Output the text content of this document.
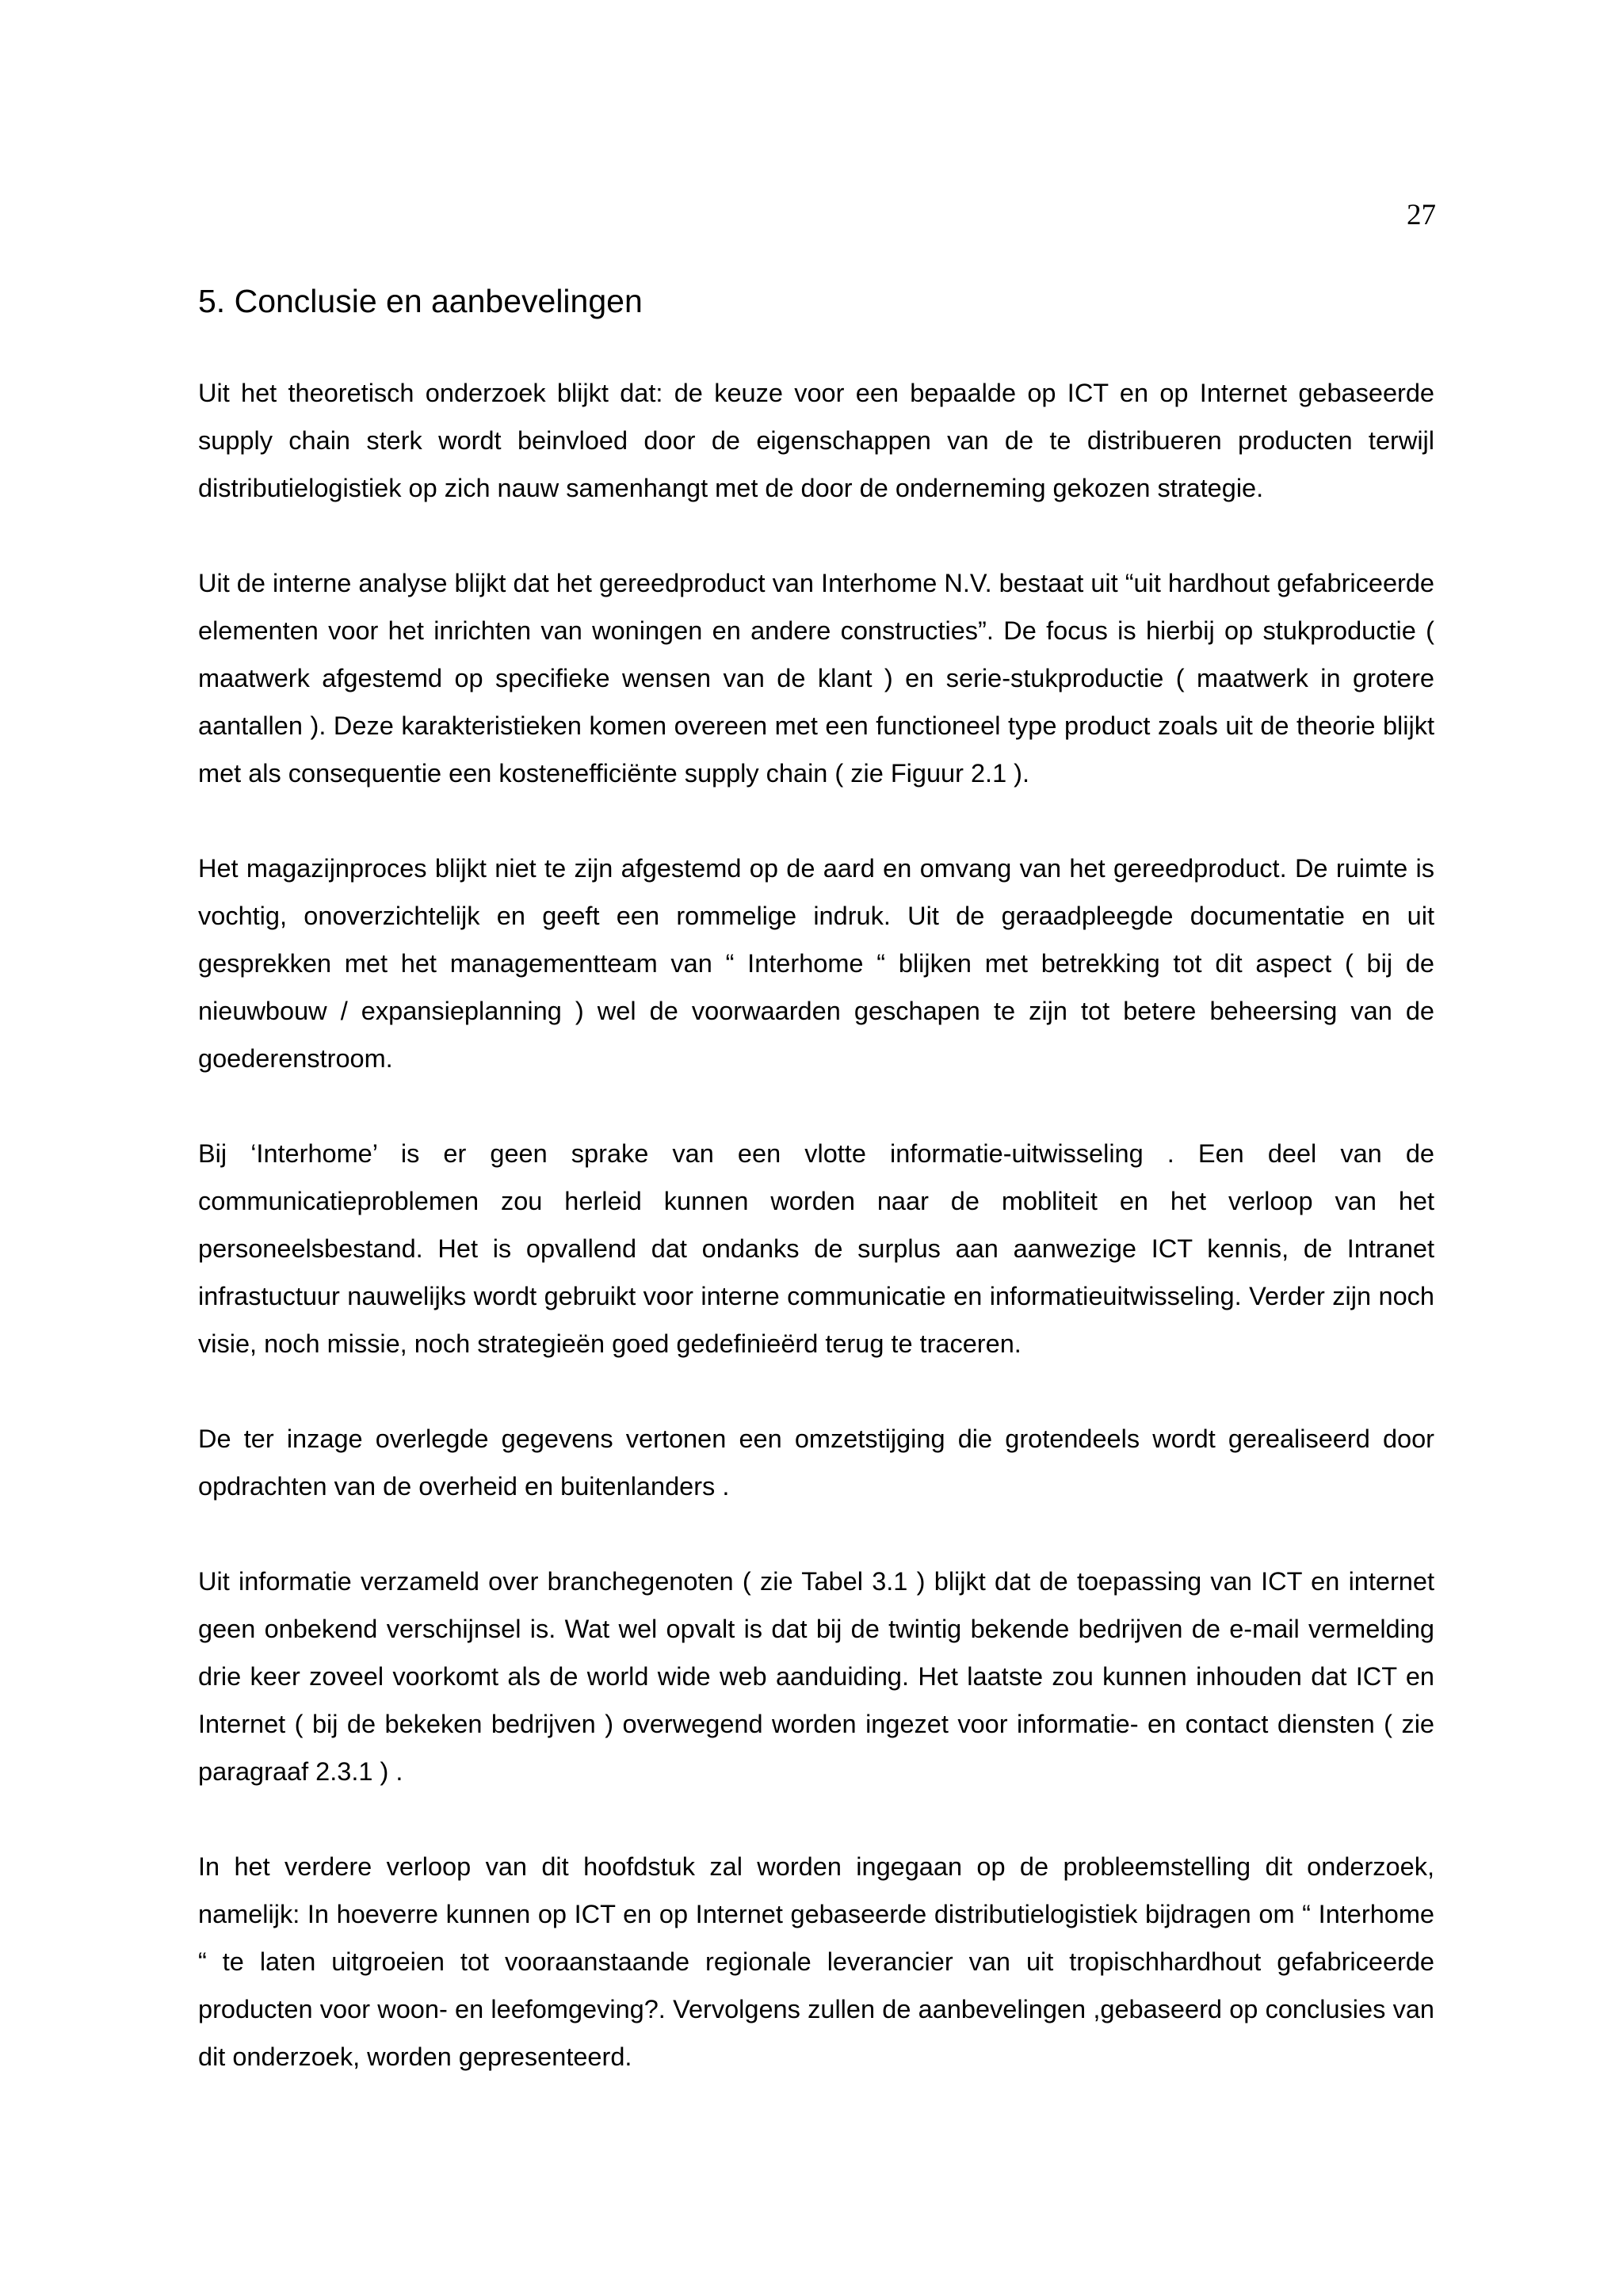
27
5. Conclusie en aanbevelingen

Uit het theoretisch onderzoek blijkt dat: de keuze voor een bepaalde op ICT en op Internet gebaseerde supply chain sterk wordt beinvloed door de eigenschappen van de te distribueren producten terwijl distributielogistiek op zich nauw samenhangt met de door de onderneming gekozen strategie.

Uit de interne analyse blijkt dat het gereedproduct van Interhome N.V. bestaat uit “uit hardhout gefabriceerde elementen voor het inrichten van woningen en andere constructies”. De focus is hierbij op stukproductie ( maatwerk afgestemd op specifieke wensen van de klant ) en serie-stukproductie ( maatwerk in grotere aantallen ). Deze karakteristieken komen overeen met een functioneel type product zoals uit de theorie blijkt met als consequentie een kostenefficiënte supply chain ( zie Figuur 2.1 ).

Het magazijnproces blijkt niet te zijn afgestemd op de aard en omvang van het gereedproduct. De ruimte is vochtig, onoverzichtelijk en geeft een rommelige indruk. Uit de geraadpleegde documentatie en uit gesprekken met het managementteam van “ Interhome “ blijken met betrekking tot dit aspect ( bij de nieuwbouw / expansieplanning ) wel de voorwaarden geschapen te zijn tot betere beheersing van de goederenstroom.

Bij ‘Interhome’ is er geen sprake van een vlotte informatie-uitwisseling . Een deel van de communicatieproblemen zou herleid kunnen worden naar de mobliteit en het verloop van het personeelsbestand. Het is opvallend dat ondanks de surplus aan aanwezige ICT kennis, de Intranet infrastuctuur nauwelijks wordt gebruikt voor interne communicatie en informatieuitwisseling. Verder zijn noch visie, noch missie, noch strategieën goed gedefinieërd terug te traceren.

De ter inzage overlegde gegevens vertonen een omzetstijging die grotendeels wordt gerealiseerd door opdrachten van de overheid en buitenlanders .

Uit informatie verzameld over branchegenoten ( zie Tabel 3.1 ) blijkt dat de toepassing van ICT en internet geen onbekend verschijnsel is. Wat wel opvalt is dat bij de twintig bekende bedrijven de e-mail vermelding drie keer zoveel voorkomt als de world wide web aanduiding. Het laatste zou kunnen inhouden dat ICT en Internet ( bij de bekeken bedrijven ) overwegend worden ingezet voor informatie- en contact diensten ( zie paragraaf 2.3.1 ) .

In het verdere verloop van dit hoofdstuk zal worden ingegaan op de probleemstelling dit onderzoek, namelijk: In hoeverre kunnen op ICT en op Internet gebaseerde distributielogistiek bijdragen om “ Interhome “ te laten uitgroeien tot vooraanstaande regionale leverancier van uit tropischhardhout gefabriceerde producten voor woon- en leefomgeving?. Vervolgens zullen de aanbevelingen ,gebaseerd op conclusies van dit onderzoek, worden gepresenteerd.
